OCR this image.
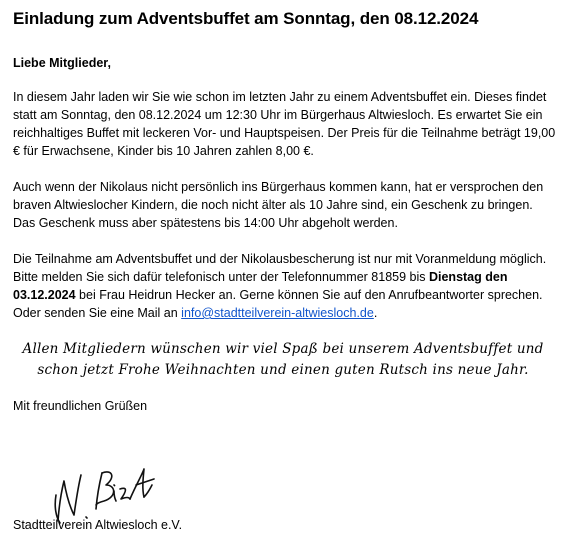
Einladung zum Adventsbuffet am Sonntag, den 08.12.2024

Liebe Mitglieder,

In diesem Jahr laden wir Sie wie schon im letzten Jahr zu einem Adventsbuffet ein. Dieses findet statt am Sonntag, den 08.12.2024 um 12:30 Uhr im Bürgerhaus Altwiesloch. Es erwartet Sie ein reichhaltiges Buffet mit leckeren Vor- und Hauptspeisen. Der Preis für die Teilnahme beträgt 19,00 € für Erwachsene, Kinder bis 10 Jahren zahlen 8,00 €.

Auch wenn der Nikolaus nicht persönlich ins Bürgerhaus kommen kann, hat er versprochen den braven Altwieslocher Kindern, die noch nicht älter als 10 Jahre sind, ein Geschenk zu bringen. Das Geschenk muss aber spätestens bis 14:00 Uhr abgeholt werden.

Die Teilnahme am Adventsbuffet und der Nikolausbescherung ist nur mit Voranmeldung möglich. Bitte melden Sie sich dafür telefonisch unter der Telefonnummer 81859 bis Dienstag den 03.12.2024 bei Frau Heidrun Hecker an. Gerne können Sie auf den Anrufbeantworter sprechen. Oder senden Sie eine Mail an info@stadtteilverein-altwiesloch.de.

Allen Mitgliedern wünschen wir viel Spaß bei unserem Adventsbuffet und
schon jetzt Frohe Weihnachten und einen guten Rutsch ins neue Jahr.

Mit freundlichen Grüßen

Stadtteilverein Altwiesloch e.V.
